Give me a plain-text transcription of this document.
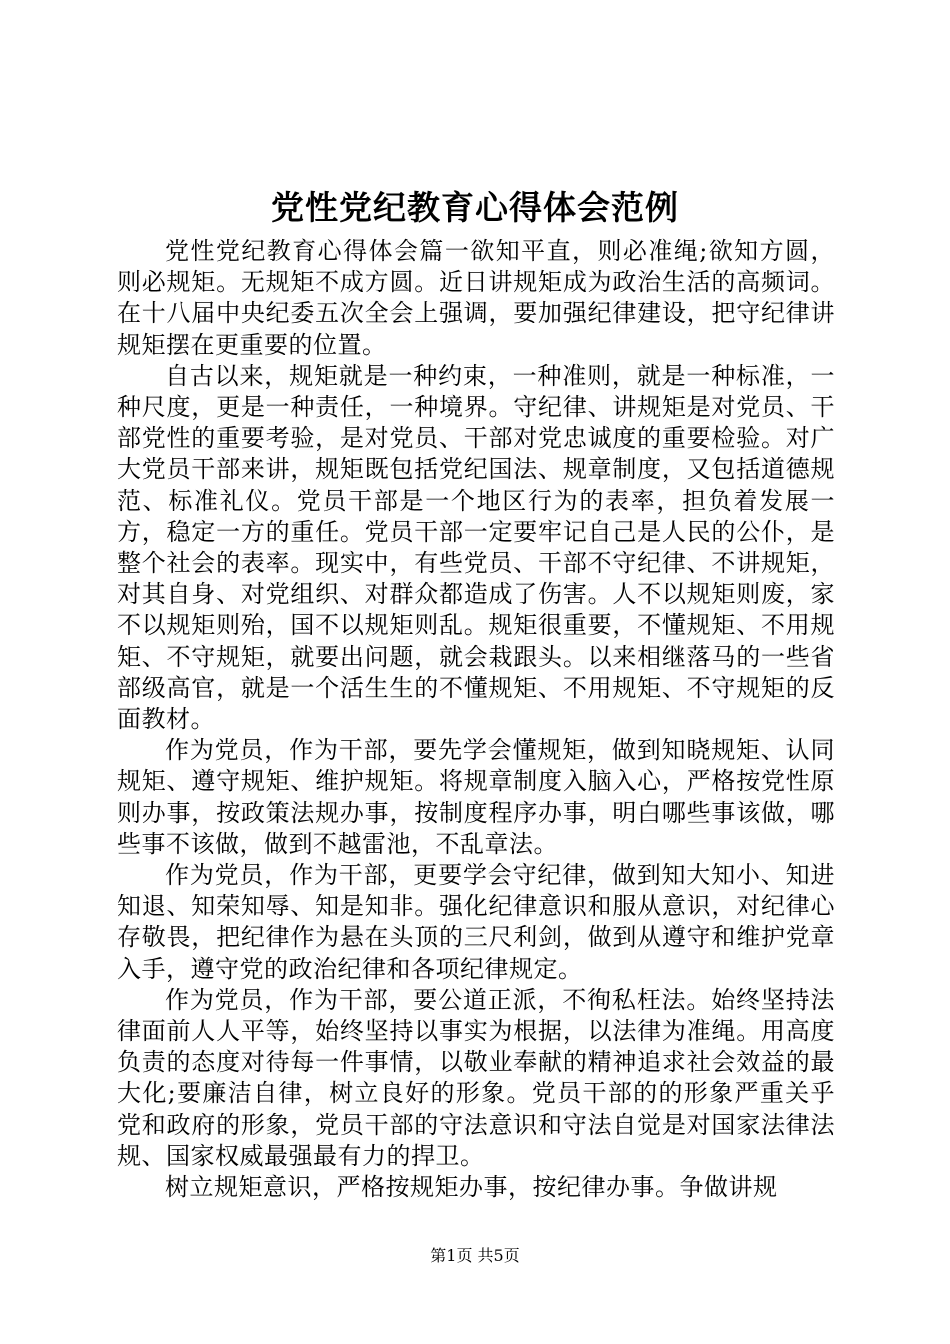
党性党纪教育心得体会范例

党性党纪教育心得体会篇一欲知平直，则必准绳;欲知方圆，则必规矩。无规矩不成方圆。近日讲规矩成为政治生活的高频词。在十八届中央纪委五次全会上强调，要加强纪律建设，把守纪律讲规矩摆在更重要的位置。

自古以来，规矩就是一种约束，一种准则，就是一种标准，一种尺度，更是一种责任，一种境界。守纪律、讲规矩是对党员、干部党性的重要考验，是对党员、干部对党忠诚度的重要检验。对广大党员干部来讲，规矩既包括党纪国法、规章制度，又包括道德规范、标准礼仪。党员干部是一个地区行为的表率，担负着发展一方，稳定一方的重任。党员干部一定要牢记自己是人民的公仆，是整个社会的表率。现实中，有些党员、干部不守纪律、不讲规矩，对其自身、对党组织、对群众都造成了伤害。人不以规矩则废，家不以规矩则殆，国不以规矩则乱。规矩很重要，不懂规矩、不用规矩、不守规矩，就要出问题，就会栽跟头。以来相继落马的一些省部级高官，就是一个活生生的不懂规矩、不用规矩、不守规矩的反面教材。

作为党员，作为干部，要先学会懂规矩，做到知晓规矩、认同规矩、遵守规矩、维护规矩。将规章制度入脑入心，严格按党性原则办事，按政策法规办事，按制度程序办事，明白哪些事该做，哪些事不该做，做到不越雷池，不乱章法。

作为党员，作为干部，更要学会守纪律，做到知大知小、知进知退、知荣知辱、知是知非。强化纪律意识和服从意识，对纪律心存敬畏，把纪律作为悬在头顶的三尺利剑，做到从遵守和维护党章入手，遵守党的政治纪律和各项纪律规定。

作为党员，作为干部，要公道正派，不徇私枉法。始终坚持法律面前人人平等，始终坚持以事实为根据，以法律为准绳。用高度负责的态度对待每一件事情，以敬业奉献的精神追求社会效益的最大化;要廉洁自律，树立良好的形象。党员干部的的形象严重关乎党和政府的形象，党员干部的守法意识和守法自觉是对国家法律法规、国家权威最强最有力的捍卫。

树立规矩意识，严格按规矩办事，按纪律办事。争做讲规

第1页 共5页
